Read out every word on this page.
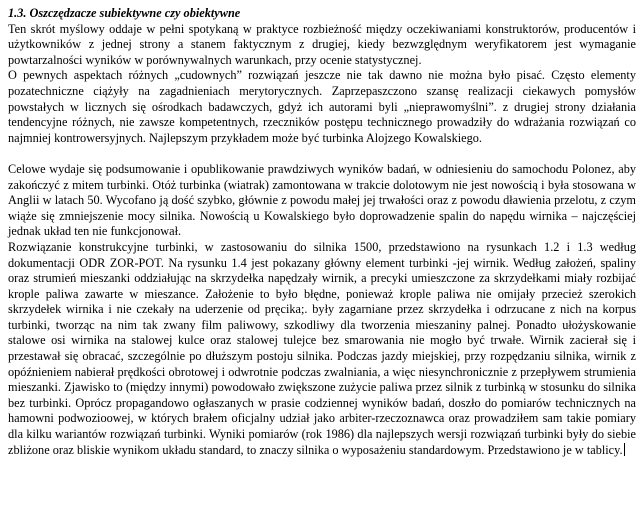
1.3. Oszczędzacze subiektywne czy obiektywne

Ten skrót myślowy oddaje w pełni spotykaną w praktyce rozbieżność między oczekiwaniami konstruktorów, producentów i użytkowników z jednej strony a stanem faktycznym z drugiej, kiedy bezwzględnym weryfikatorem jest wymaganie powtarzalności wyników w porównywalnych warunkach, przy ocenie statystycznej.

O pewnych aspektach różnych „cudownych” rozwiązań jeszcze nie tak dawno nie można było pisać. Często elementy pozatechniczne ciążyły na zagadnieniach merytorycznych. Zaprzepaszczono szansę realizacji ciekawych pomysłów powstałych w licznych się ośrodkach badawczych, gdyż ich autorami byli „nieprawomyślni”. z drugiej strony działania tendencyjne różnych, nie zawsze kompetentnych, rzeczników postępu technicznego prowadziły do wdrażania rozwiązań co najmniej kontrowersyjnych. Najlepszym przykładem może być turbinka Alojzego Kowalskiego.

Celowe wydaje się podsumowanie i opublikowanie prawdziwych wyników badań, w odniesieniu do samochodu Polonez, aby zakończyć z mitem turbinki. Otóż turbinka (wiatrak) zamontowana w trakcie dolotowym nie jest nowością i była stosowana w Anglii w latach 50. Wycofano ją dość szybko, głównie z powodu małej jej trwałości oraz z powodu dławienia przelotu, z czym wiąże się zmniejszenie mocy silnika. Nowością u Kowalskiego było doprowadzenie spalin do napędu wirnika – najczęściej jednak układ ten nie funkcjonował.

Rozwiązanie konstrukcyjne turbinki, w zastosowaniu do silnika 1500, przedstawiono na rysunkach 1.2 i 1.3 według dokumentacji ODR ZOR-POT. Na rysunku 1.4 jest pokazany główny element turbinki -jej wirnik. Według założeń, spaliny oraz strumień mieszanki oddziałując na skrzydełka napędzały wirnik, a precyki umieszczone za skrzydełkami miały rozbijać krople paliwa zawarte w mieszance. Założenie to było błędne, ponieważ krople paliwa nie omijały przecież szerokich skrzydełek wirnika i nie czekały na uderzenie od pręcika;. były zagarniane przez skrzydełka i odrzucane z nich na korpus turbinki, tworząc na nim tak zwany film paliwowy, szkodliwy dla tworzenia mieszaniny palnej. Ponadto ułożyskowanie stalowe osi wirnika na stalowej kulce oraz stalowej tulejce bez smarowania nie mogło być trwałe. Wirnik zacierał się i przestawał się obracać, szczególnie po dłuższym postoju silnika. Podczas jazdy miejskiej, przy rozpędzaniu silnika, wirnik z opóźnieniem nabierał prędkości obrotowej i odwrotnie podczas zwalniania, a więc niesynchronicznie z przepływem strumienia mieszanki. Zjawisko to (między innymi) powodowało zwiększone zużycie paliwa przez silnik z turbinką w stosunku do silnika bez turbinki. Oprócz propagandowo ogłaszanych w prasie codziennej wyników badań, doszło do pomiarów technicznych na hamowni podwozioowej, w których brałem oficjalny udział jako arbiter-rzeczoznawca oraz prowadziłem sam takie pomiary dla kilku wariantów rozwiązań turbinki. Wyniki pomiarów (rok 1986) dla najlepszych wersji rozwiązań turbinki były do siebie zbliżone oraz bliskie wynikom układu standard, to znaczy silnika o wyposażeniu standardowym. Przedstawiono je w tablicy.
